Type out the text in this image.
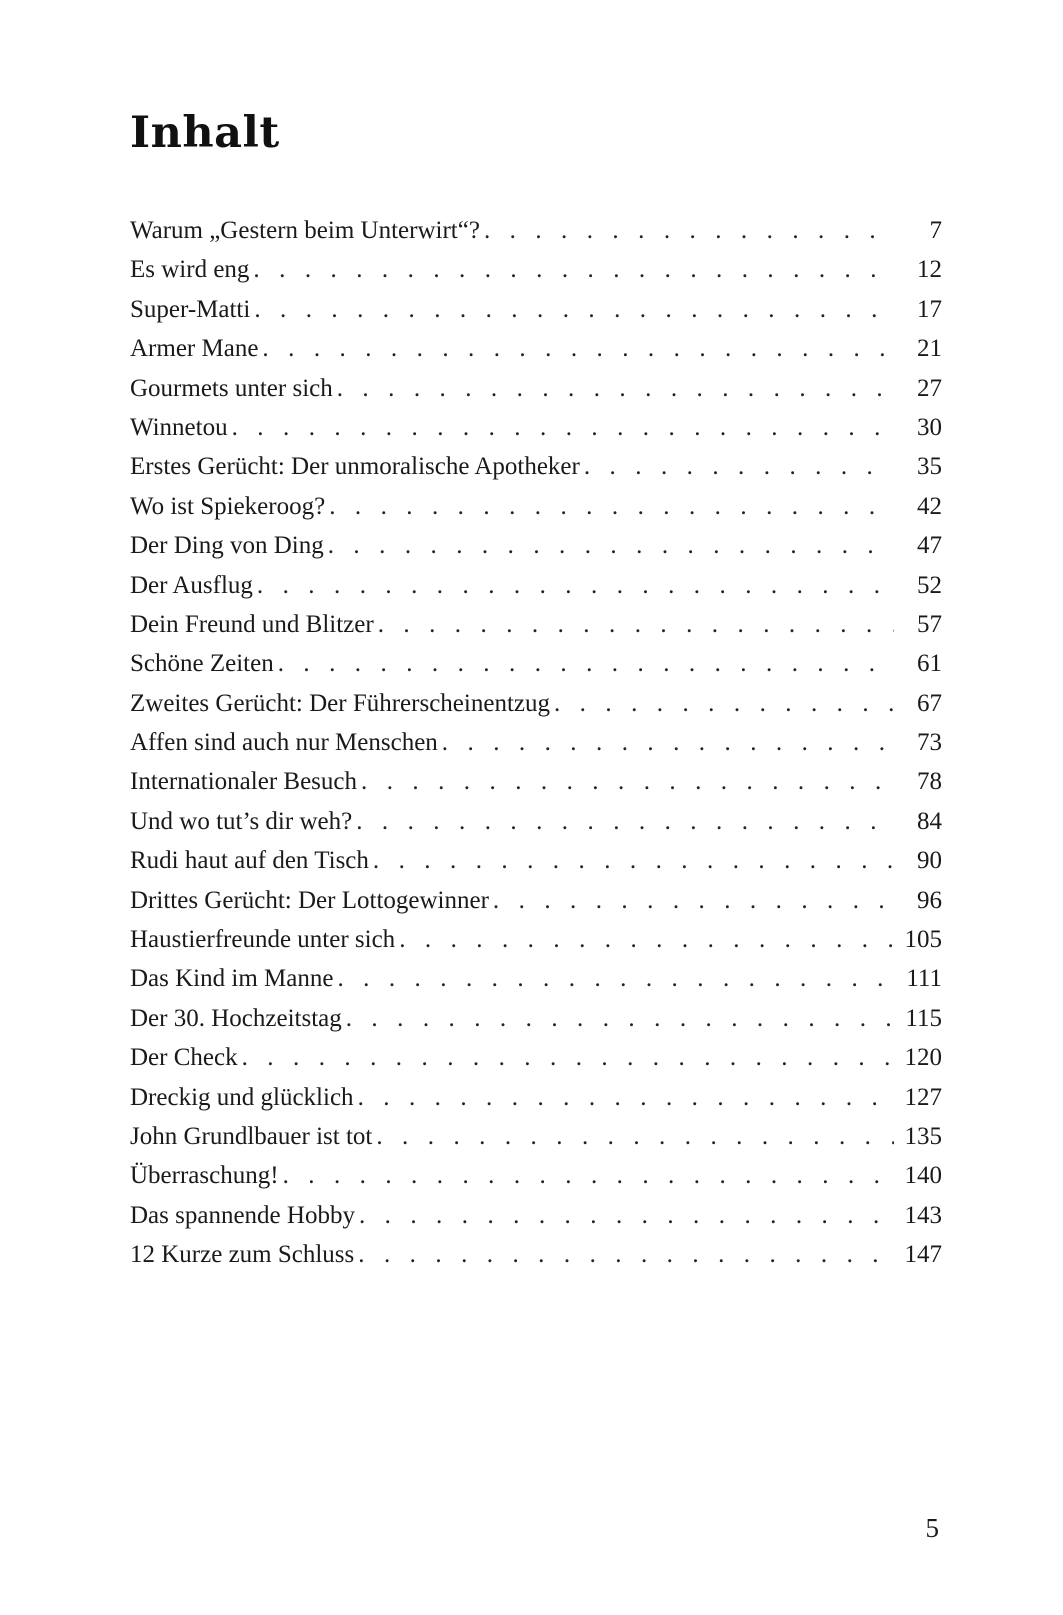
Inhalt
Warum „Gestern beim Unterwirt“? . . .	7
Es wird eng . . .	12
Super-Matti . . .	17
Armer Mane . . .	21
Gourmets unter sich . . .	27
Winnetou . . .	30
Erstes Gerücht: Der unmoralische Apotheker . . .	35
Wo ist Spiekeroog? . . .	42
Der Ding von Ding . . .	47
Der Ausflug . . .	52
Dein Freund und Blitzer . . .	57
Schöne Zeiten . . .	61
Zweites Gerücht: Der Führerscheinentzug . . .	67
Affen sind auch nur Menschen . . .	73
Internationaler Besuch . . .	78
Und wo tut’s dir weh? . . .	84
Rudi haut auf den Tisch . . .	90
Drittes Gerücht: Der Lottogewinner . . .	96
Haustierfreunde unter sich . . .	105
Das Kind im Manne . . .	111
Der 30. Hochzeitstag . . .	115
Der Check . . .	120
Dreckig und glücklich . . .	127
John Grundlbauer ist tot . . .	135
Überraschung! . . .	140
Das spannende Hobby . . .	143
12 Kurze zum Schluss . . .	147
5
